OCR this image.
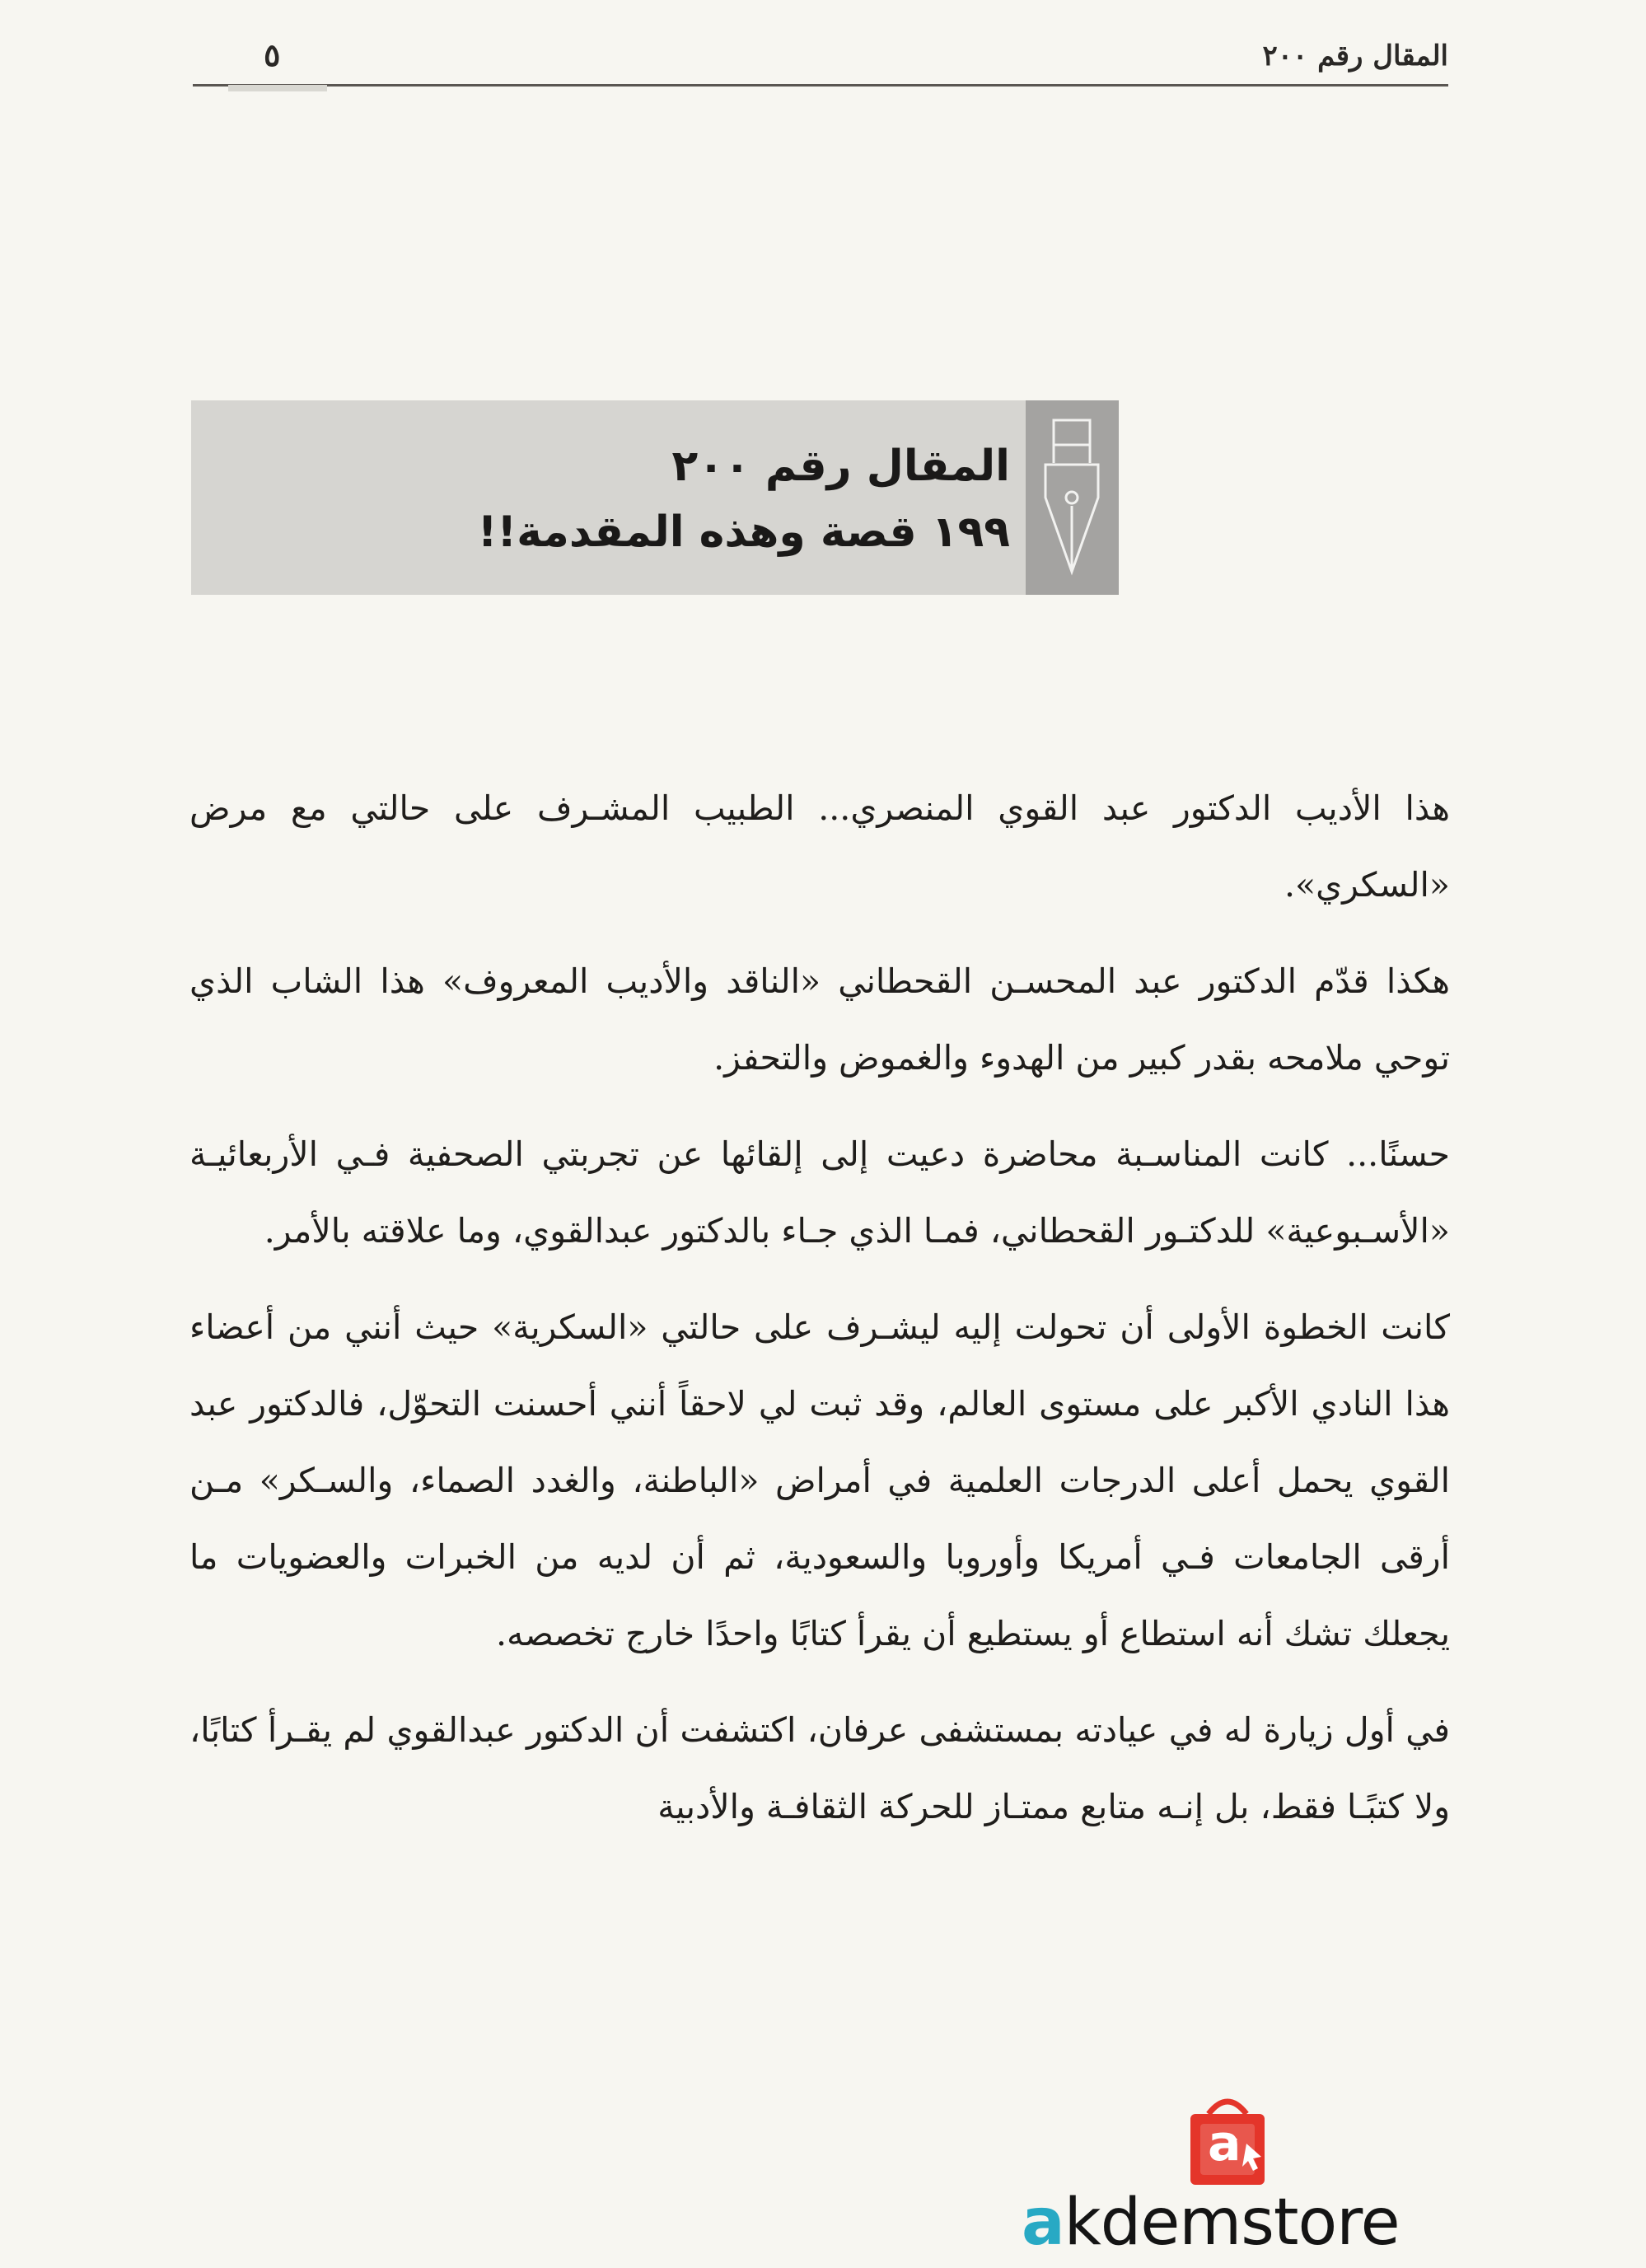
المقال رقم ٢٠٠
٥
المقال رقم ٢٠٠
١٩٩ قصة وهذه المقدمة!!

هذا الأديب الدكتور عبد القوي المنصري... الطبيب المشـرف على حالتي مع مرض «السكري».

هكذا قدّم الدكتور عبد المحسـن القحطاني «الناقد والأديب المعروف» هذا الشاب الذي توحي ملامحه بقدر كبير من الهدوء والغموض والتحفز.

حسنًا... كانت المناسـبة محاضرة دعيت إلى إلقائها عن تجربتي الصحفية فـي الأربعائيـة «الأسـبوعية» للدكتـور القحطاني، فمـا الذي جـاء بالدكتور عبدالقوي، وما علاقته بالأمر.

كانت الخطوة الأولى أن تحولت إليه ليشـرف على حالتي «السكرية» حيث أنني من أعضاء هذا النادي الأكبر على مستوى العالم، وقد ثبت لي لاحقاً أنني أحسنت التحوّل، فالدكتور عبد القوي يحمل أعلى الدرجات العلمية في أمراض «الباطنة، والغدد الصماء، والسـكر» مـن أرقى الجامعات فـي أمريكا وأوروبا والسعودية، ثم أن لديه من الخبرات والعضويات ما يجعلك تشك أنه استطاع أو يستطيع أن يقرأ كتابًا واحدًا خارج تخصصه.

في أول زيارة له في عيادته بمستشفى عرفان، اكتشفت أن الدكتور عبدالقوي لم يقـرأ كتابًا، ولا كتبًـا فقط، بل إنـه متابع ممتـاز للحركة الثقافـة والأدبية

a
akdemstore
